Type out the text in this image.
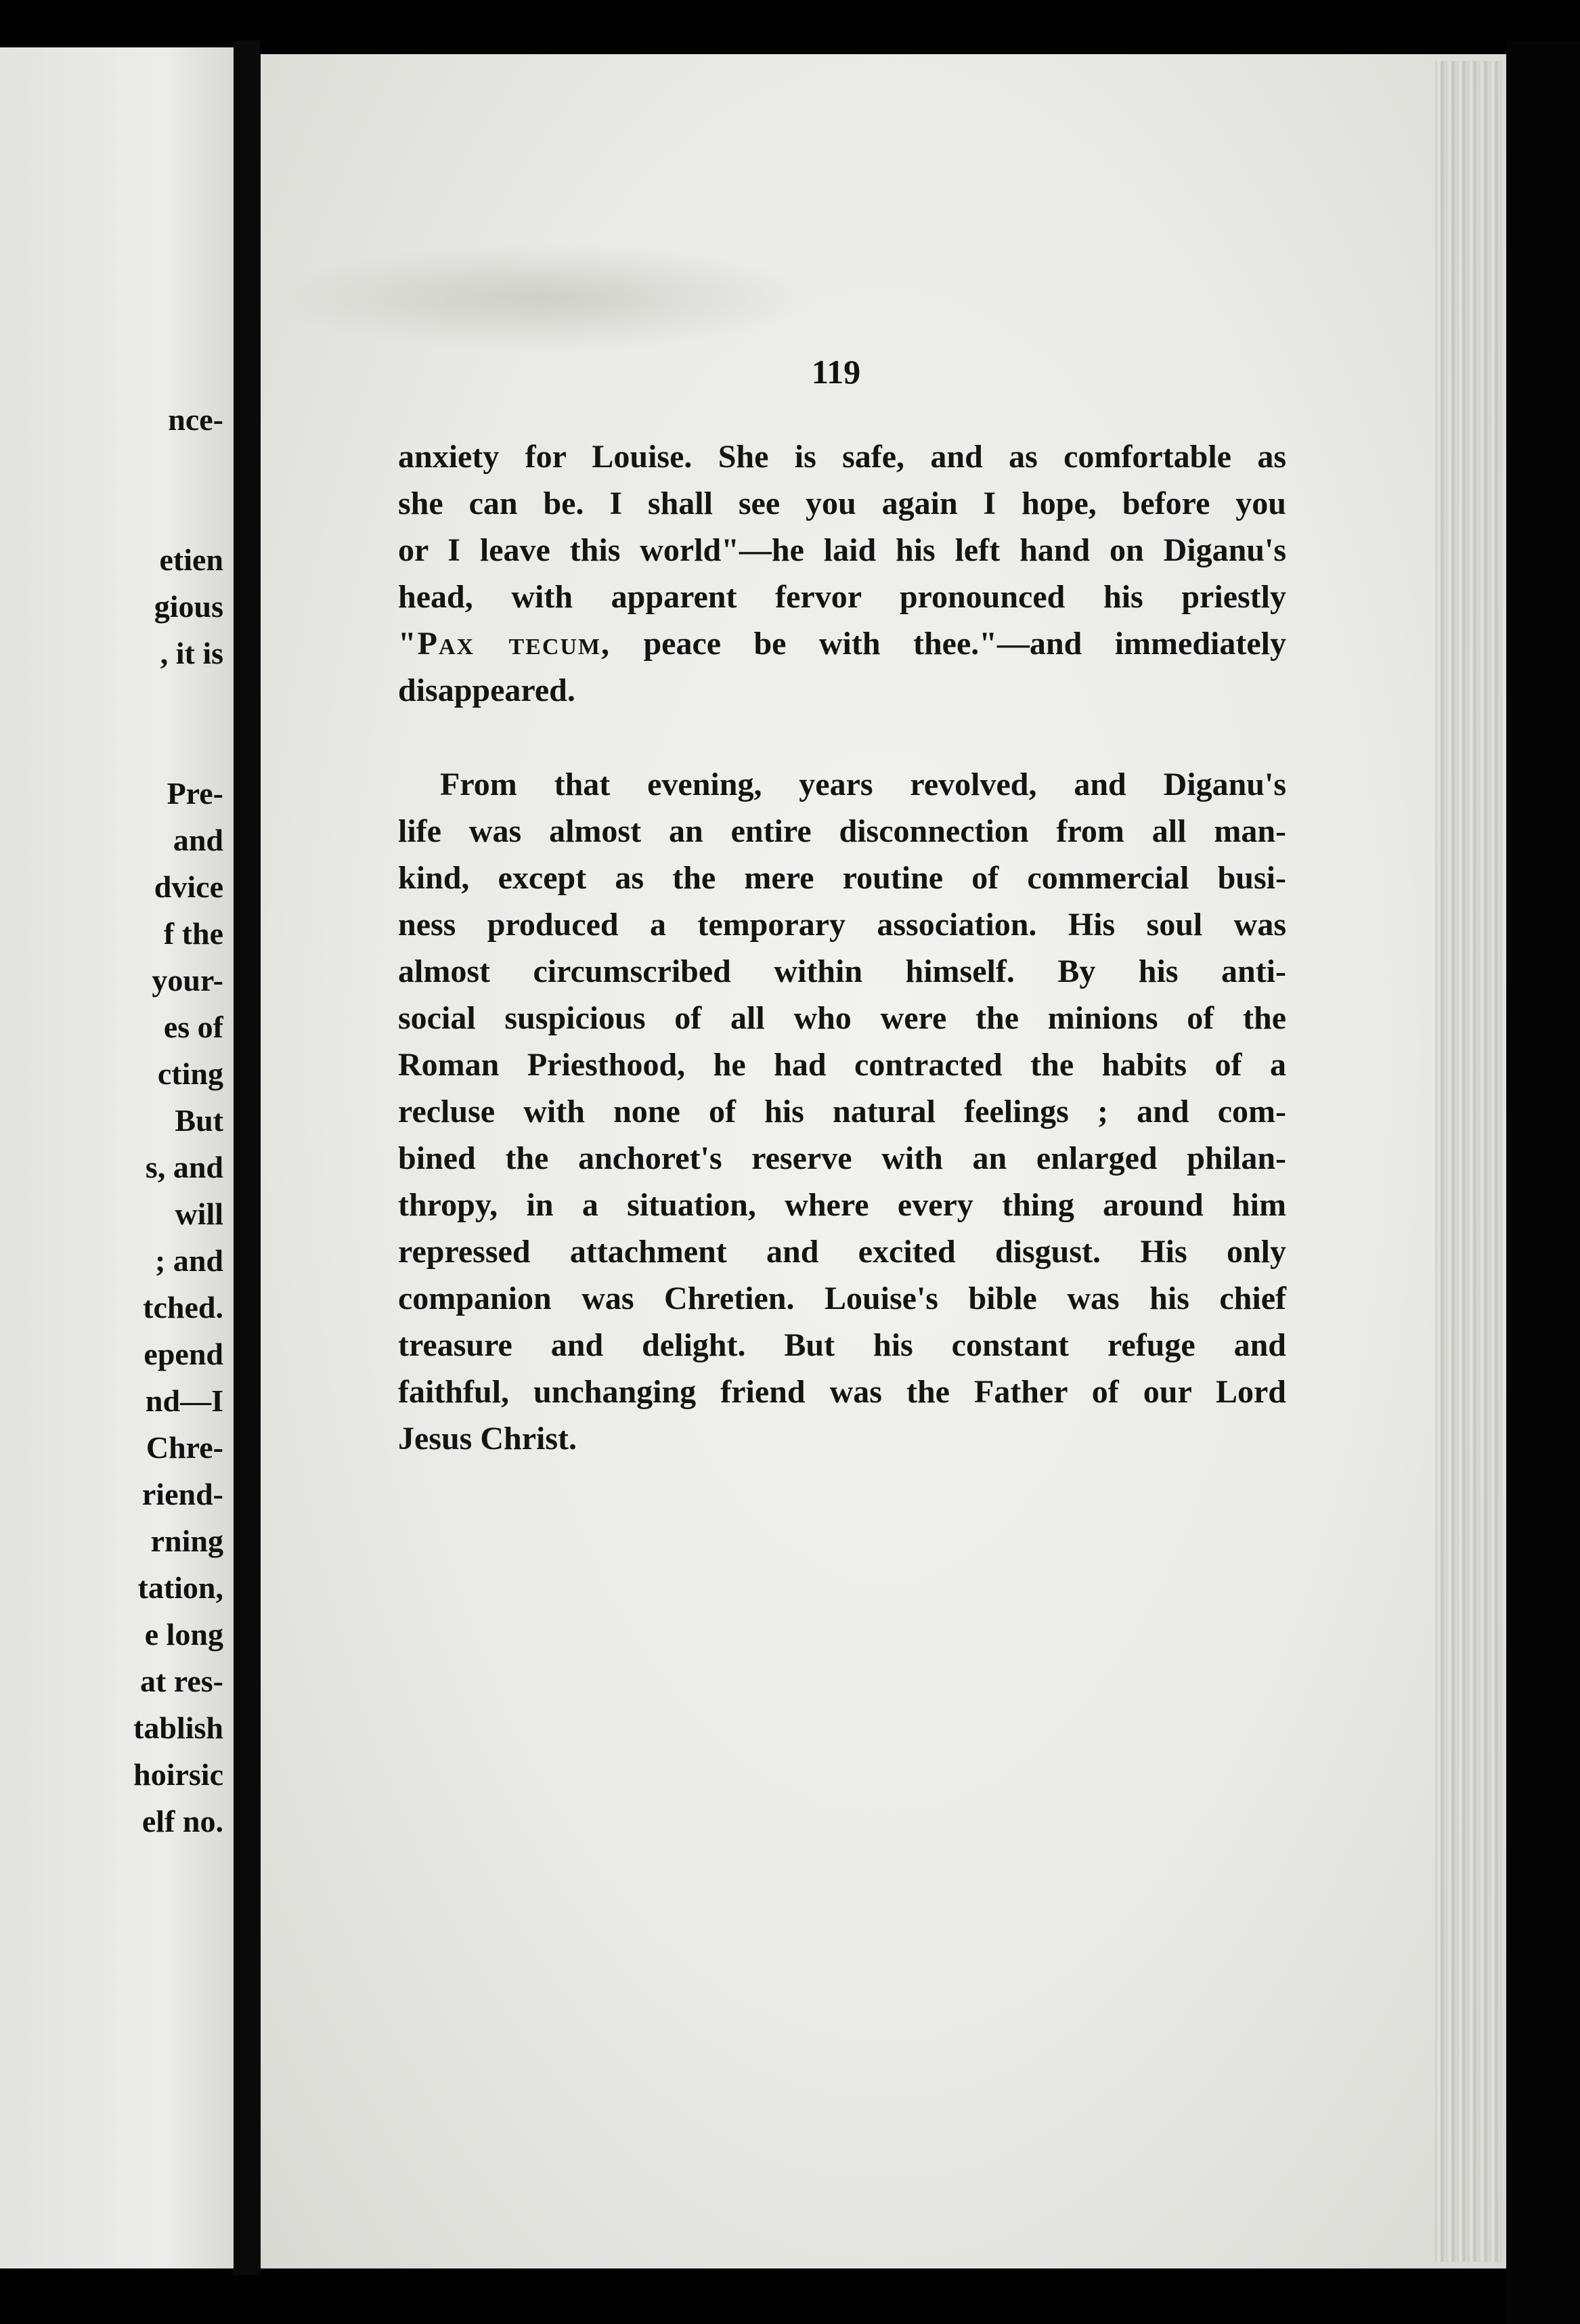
nce-
etien
gious
, it is
Pre-
and
dvice
f the
your-
es of
cting
But
s, and
will
; and
tched.
epend
nd—I
Chre-
riend-
rning
tation,
e long
at res-
tablish
hoirsic
elf no.
119
anxiety for Louise. She is safe, and as comfortable as
she can be. I shall see you again I hope, before you
or I leave this world"—he laid his left hand on Diganu's
head, with apparent fervor pronounced his priestly
"Pax tecum, peace be with thee."—and immediately
disappeared.
From that evening, years revolved, and Diganu's
life was almost an entire disconnection from all man-
kind, except as the mere routine of commercial busi-
ness produced a temporary association. His soul was
almost circumscribed within himself. By his anti-
social suspicious of all who were the minions of the
Roman Priesthood, he had contracted the habits of a
recluse with none of his natural feelings ; and com-
bined the anchoret's reserve with an enlarged philan-
thropy, in a situation, where every thing around him
repressed attachment and excited disgust. His only
companion was Chretien. Louise's bible was his chief
treasure and delight. But his constant refuge and
faithful, unchanging friend was the Father of our Lord
Jesus Christ.
